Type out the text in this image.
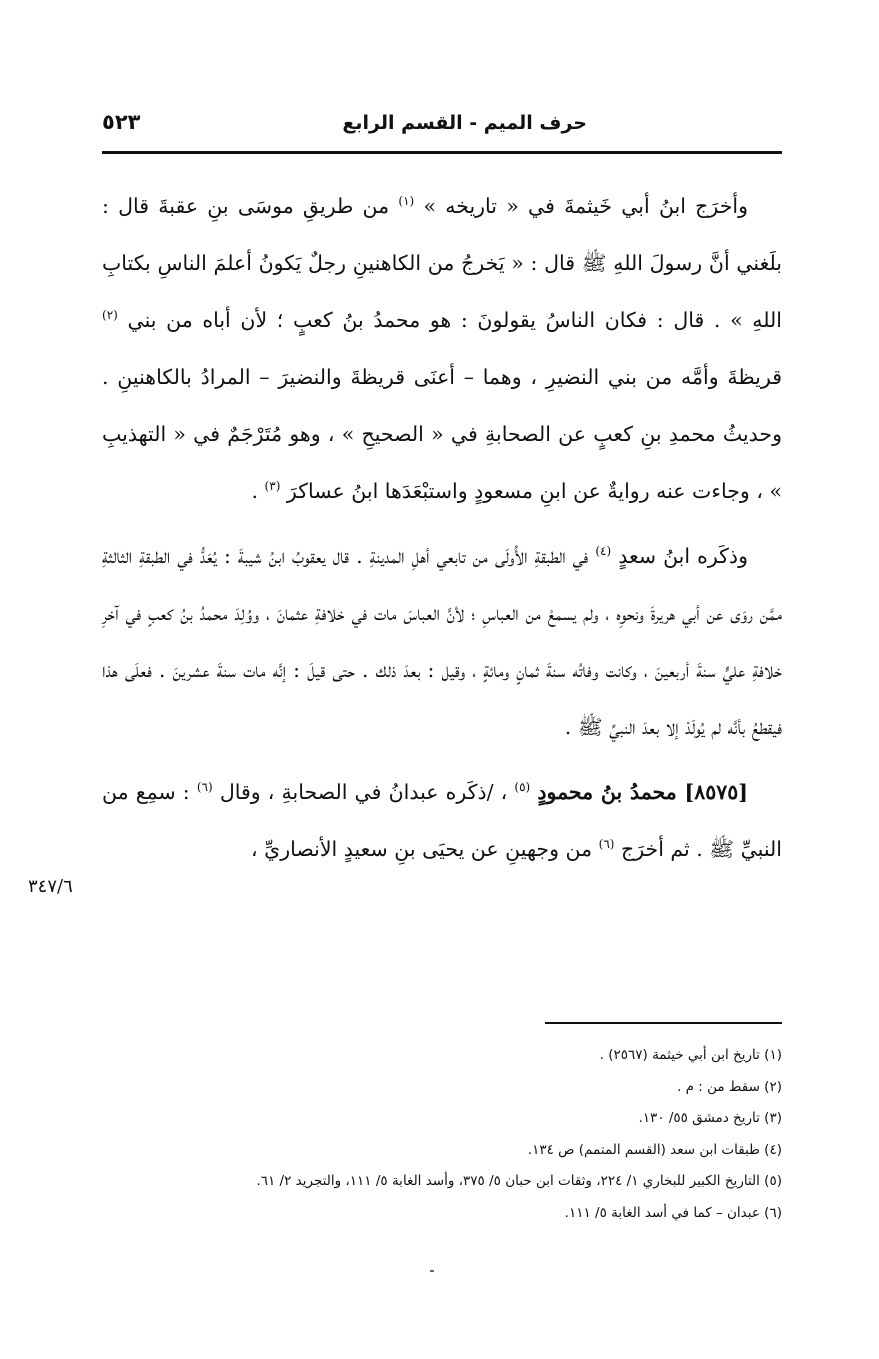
حرف الميم - القسم الرابع
٥٢٣

وأخرَج ابنُ أبي خَيثمةَ في « تاريخه » $^{(١)}$ من طريقِ موسَى بنِ عقبةَ قال : بلَغني أنَّ رسولَ اللهِ ﷺ قال : « يَخرجُ من الكاهنينِ رجلٌ يَكونُ أعلمَ الناسِ بكتابِ اللهِ » . قال : فكان الناسُ يقولونَ : هو محمدُ بنُ كعبٍ ؛ لأن أباه من بني $^{(٢)}$ قريظةَ وأمَّه من بني النضيرِ ، وهما – أعنَى قريظةَ والنضيرَ – المرادُ بالكاهنينِ . وحديثُ محمدِ بنِ كعبٍ عن الصحابةِ في « الصحيحِ » ، وهو مُتَرْجَمٌ في « التهذيبِ » ، وجاءت عنه روايةٌ عن ابنِ مسعودٍ واستبْعَدَها ابنُ عساكرَ $^{(٣)}$ .

وذكَره ابنُ سعدٍ $^{(٤)}$ في الطبقةِ الأُولَى من تابعي أهلِ المدينةِ . قال يعقوبُ ابنُ شيبةَ : يُعَدُّ في الطبقةِ الثالثةِ ممَّن روَى عن أبي هريرةَ ونحوِه ، ولم يسمعْ من العباسِ ؛ لأنَّ العباسَ مات في خلافةِ عثمانَ ، ووُلِدَ محمدُ بنُ كعبٍ في آخرِ خلافةِ عليٍّ سنةَ أربعينَ ، وكانت وفاتُه سنةَ ثمانٍ ومائةٍ ، وقيل : بعدَ ذلك . حتى قيلَ : إنَّه مات سنةَ عشرينَ . فعلَى هذا فيقطعُ بأنَّه لم يُولَدْ إلا بعدَ النبيِّ ﷺ .

[٨٥٧٥] محمدُ بنُ محمودٍ $^{(٥)}$ ، /ذكَره عبدانُ في الصحابةِ ، وقال $^{(٦)}$ : سمِع من النبيِّ ﷺ . ثم أخرَج $^{(٦)}$ من وجهينِ عن يحيَى بنِ سعيدٍ الأنصاريِّ ،

٣٤٧/٦
(١) تاريخ ابن أبي خيثمة (٢٥٦٧) .
(٢) سقط من : م .
(٣) تاريخ دمشق ٥٥/ ١٣٠.
(٤) طبقات ابن سعد (القسم المتمم) ص ١٣٤.
(٥) التاريخ الكبير للبخاري ١/ ٢٢٤، وثقات ابن حبان ٥/ ٣٧٥، وأسد الغابة ٥/ ١١١، والتجريد ٢/ ٦١.
(٦) عبدان – كما في أسد الغابة ٥/ ١١١.
